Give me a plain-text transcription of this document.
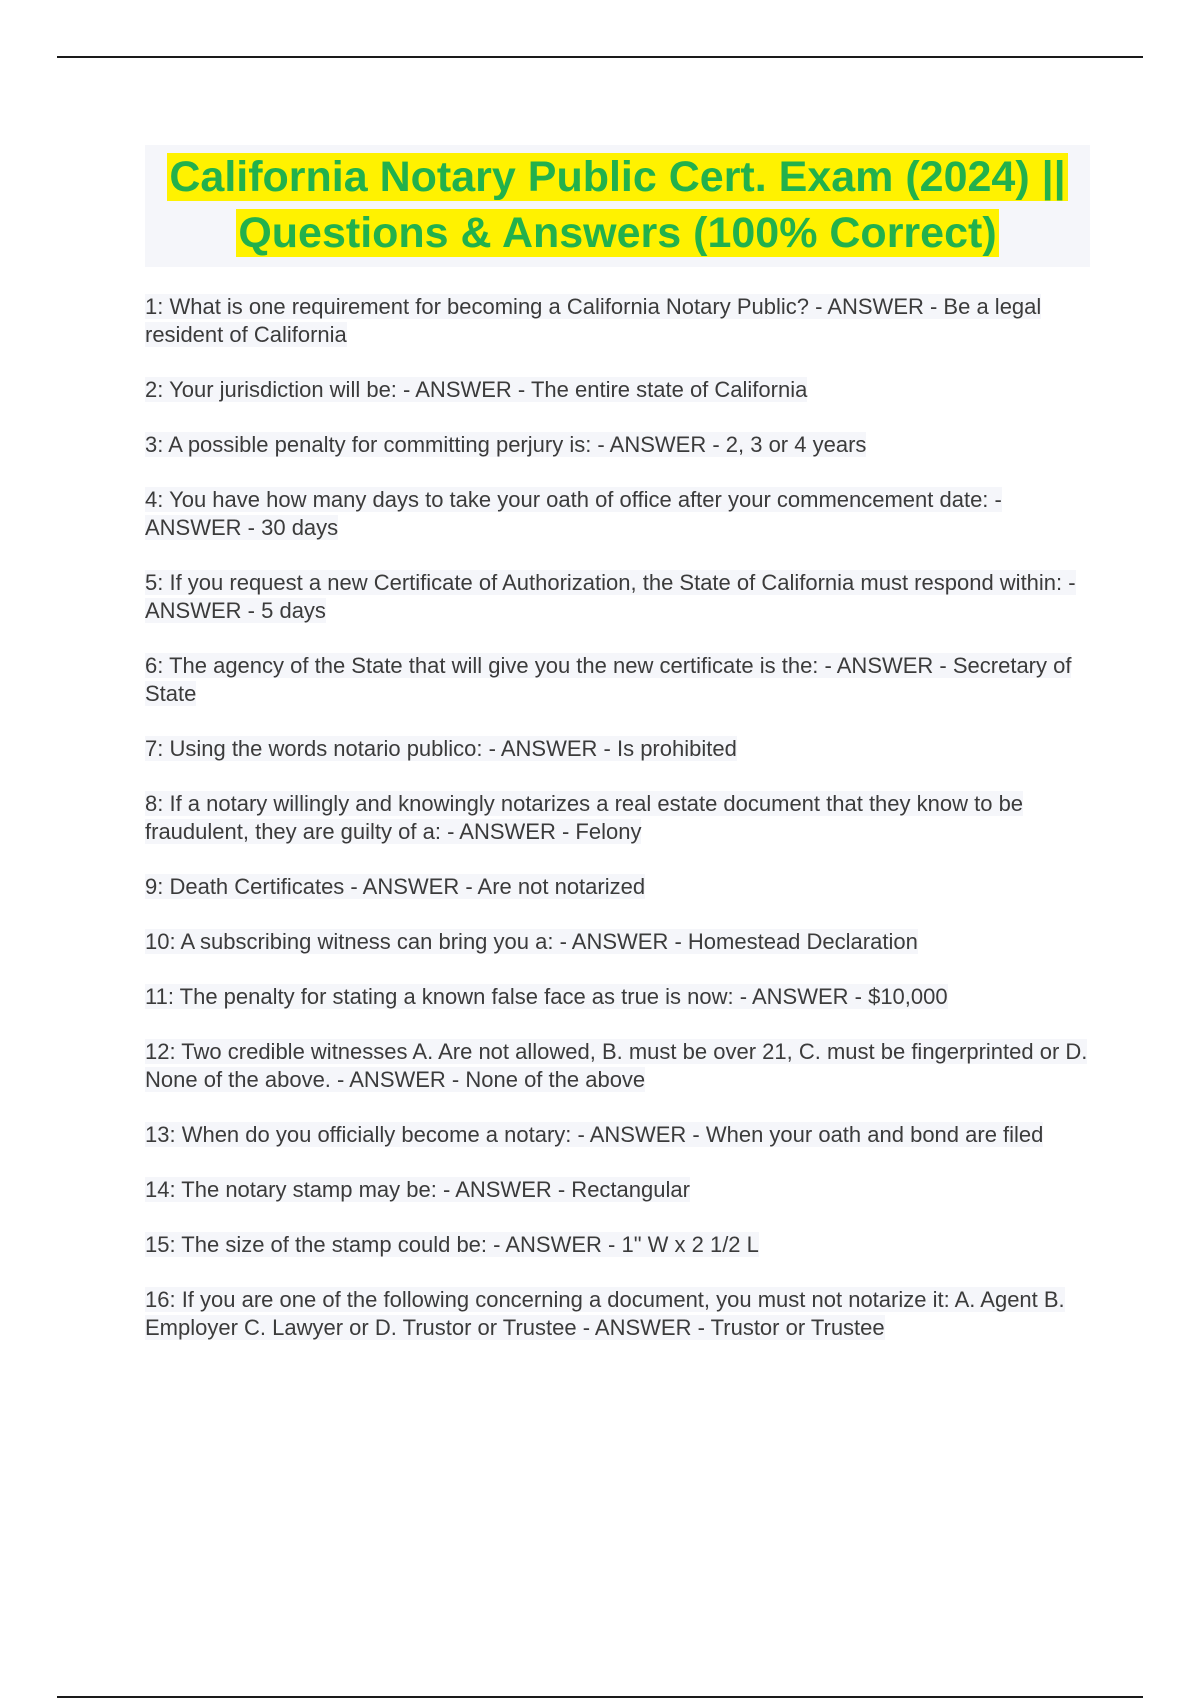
California Notary Public Cert. Exam (2024) || Questions & Answers (100% Correct)
1: What is one requirement for becoming a California Notary Public? - ANSWER - Be a legal resident of California
2: Your jurisdiction will be: - ANSWER - The entire state of California
3: A possible penalty for committing perjury is: - ANSWER - 2, 3 or 4 years
4: You have how many days to take your oath of office after your commencement date: - ANSWER - 30 days
5: If you request a new Certificate of Authorization, the State of California must respond within: - ANSWER - 5 days
6: The agency of the State that will give you the new certificate is the: - ANSWER - Secretary of State
7: Using the words notario publico: - ANSWER - Is prohibited
8: If a notary willingly and knowingly notarizes a real estate document that they know to be fraudulent, they are guilty of a: - ANSWER - Felony
9: Death Certificates - ANSWER - Are not notarized
10: A subscribing witness can bring you a: - ANSWER - Homestead Declaration
11: The penalty for stating a known false face as true is now: - ANSWER - $10,000
12: Two credible witnesses A. Are not allowed, B. must be over 21, C. must be fingerprinted or D. None of the above. - ANSWER - None of the above
13: When do you officially become a notary: - ANSWER - When your oath and bond are filed
14: The notary stamp may be: - ANSWER - Rectangular
15: The size of the stamp could be: - ANSWER - 1" W x 2 1/2 L
16: If you are one of the following concerning a document, you must not notarize it: A. Agent B. Employer C. Lawyer or D. Trustor or Trustee - ANSWER - Trustor or Trustee
